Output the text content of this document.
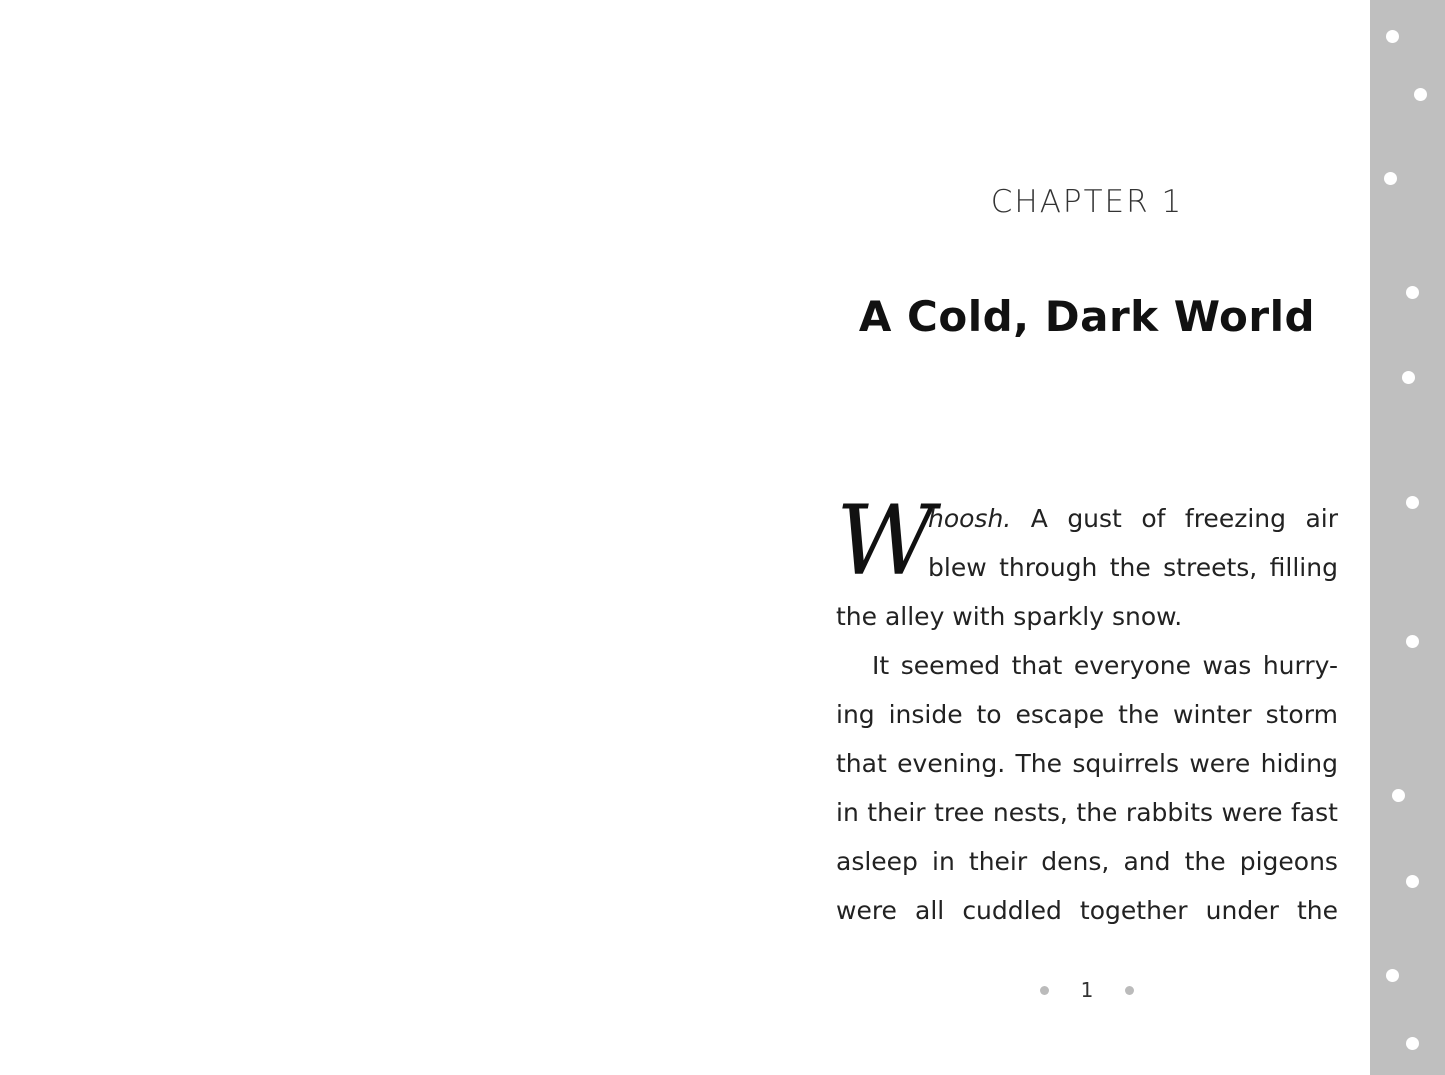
CHAPTER 1
A Cold, Dark World
W
hoosh. A gust of freezing air
blew through the streets, filling
the alley with sparkly snow.
It seemed that everyone was hurry-
ing inside to escape the winter storm
that evening. The squirrels were hiding
in their tree nests, the rabbits were fast
asleep in their dens, and the pigeons
were all cuddled together under the
1
